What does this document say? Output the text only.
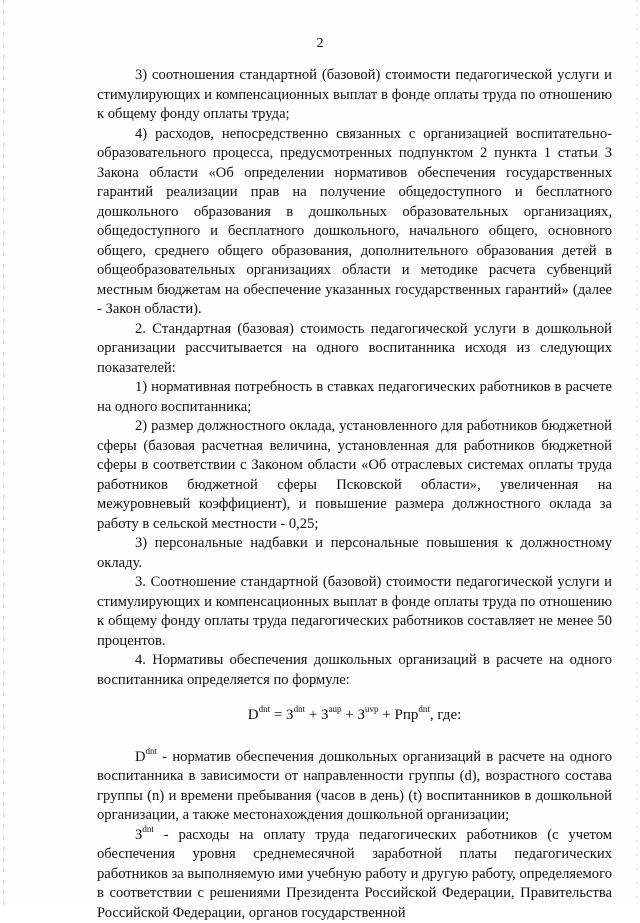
2

3) соотношения стандартной (базовой) стоимости педагогической услуги и стимулирующих и компенсационных выплат в фонде оплаты труда по отношению к общему фонду оплаты труда;

4) расходов, непосредственно связанных с организацией воспитательно-образовательного процесса, предусмотренных подпунктом 2 пункта 1 статьи 3 Закона области «Об определении нормативов обеспечения государственных гарантий реализации прав на получение общедоступного и бесплатного дошкольного образования в дошкольных образовательных организациях, общедоступного и бесплатного дошкольного, начального общего, основного общего, среднего общего образования, дополнительного образования детей в общеобразовательных организациях области и методике расчета субвенций местным бюджетам на обеспечение указанных государственных гарантий» (далее - Закон области).

2. Стандартная (базовая) стоимость педагогической услуги в дошкольной организации рассчитывается на одного воспитанника исходя из следующих показателей:

1) нормативная потребность в ставках педагогических работников в расчете на одного воспитанника;

2) размер должностного оклада, установленного для работников бюджетной сферы (базовая расчетная величина, установленная для работников бюджетной сферы в соответствии с Законом области «Об отраслевых системах оплаты труда работников бюджетной сферы Псковской области», увеличенная на межуровневый коэффициент), и повышение размера должностного оклада за работу в сельской местности - 0,25;

3) персональные надбавки и персональные повышения к должностному окладу.

3. Соотношение стандартной (базовой) стоимости педагогической услуги и стимулирующих и компенсационных выплат в фонде оплаты труда по отношению к общему фонду оплаты труда педагогических работников составляет не менее 50 процентов.

4. Нормативы обеспечения дошкольных организаций в расчете на одного воспитанника определяется по формуле:

$D^{dnt} = З^{dnt} + З^{aup} + З^{uvp} + Рпр^{dnt}$, где:

$D^{dnt}$ - норматив обеспечения дошкольных организаций в расчете на одного воспитанника в зависимости от направленности группы (d), возрастного состава группы (n) и времени пребывания (часов в день) (t) воспитанников в дошкольной организации, а также местонахождения дошкольной организации;

$З^{dnt}$ - расходы на оплату труда педагогических работников (с учетом обеспечения уровня среднемесячной заработной платы педагогических работников за выполняемую ими учебную работу и другую работу, определяемого в соответствии с решениями Президента Российской Федерации, Правительства Российской Федерации, органов государственной
